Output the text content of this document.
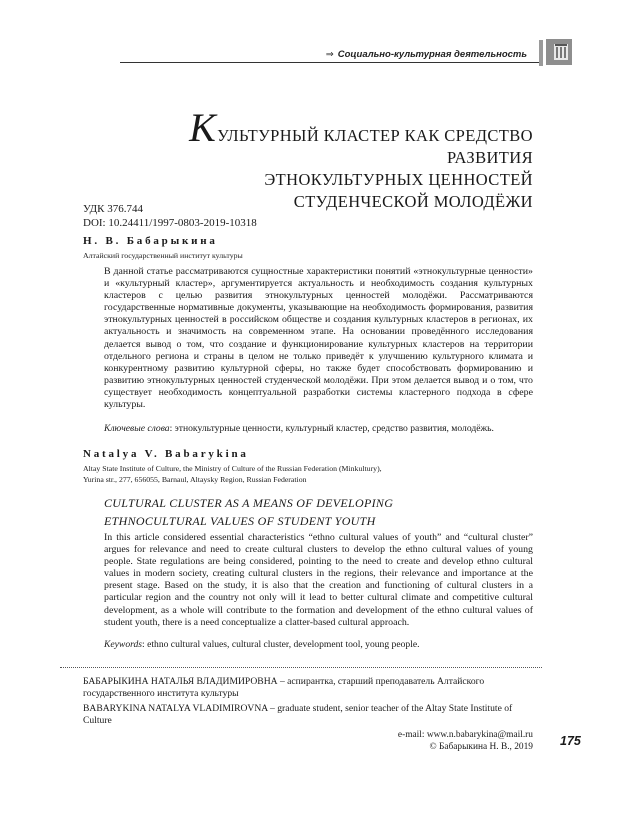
⇒ Социально-культурная деятельность
КУЛЬТУРНЫЙ КЛАСТЕР КАК СРЕДСТВО РАЗВИТИЯ
ЭТНОКУЛЬТУРНЫХ ЦЕННОСТЕЙ
СТУДЕНЧЕСКОЙ МОЛОДЁЖИ
УДК 376.744
DOI: 10.24411/1997-0803-2019-10318
Н. В. Бабарыкина
Алтайский государственный институт культуры
В данной статье рассматриваются сущностные характеристики понятий «этнокультурные ценности» и «культурный кластер», аргументируется актуальность и необходимость создания культурных кластеров с целью развития этнокультурных ценностей молодёжи. Рассматриваются государственные нормативные документы, указывающие на необходимость формирования, развития этнокультурных ценностей в российском обществе и создания культурных кластеров в регионах, их актуальность и значимость на современном этапе. На основании проведённого исследования делается вывод о том, что создание и функционирование культурных кластеров на территории отдельного региона и страны в целом не только приведёт к улучшению культурного климата и конкурентному развитию культурной сферы, но также будет способствовать формированию и развитию этнокультурных ценностей студенческой молодёжи. При этом делается вывод и о том, что существует необходимость концептуальной разработки системы кластерного подхода в сфере культуры.
Ключевые слова: этнокультурные ценности, культурный кластер, средство развития, молодёжь.
Natalya V. Babarykina
Altay State Institute of Culture, the Ministry of Culture of the Russian Federation (Minkultury),
Yurina str., 277, 656055, Barnaul, Altaysky Region, Russian Federation
CULTURAL CLUSTER AS A MEANS OF DEVELOPING
ETHNOCULTURAL VALUES OF STUDENT YOUTH
In this article considered essential characteristics “ethno cultural values of youth” and “cultural cluster” argues for relevance and need to create cultural clusters to develop the ethno cultural values of young people. State regulations are being considered, pointing to the need to create and develop ethno cultural values in modern society, creating cultural clusters in the regions, their relevance and importance at the present stage. Based on the study, it is also that the creation and functioning of cultural clusters in a particular region and the country not only will it lead to better cultural climate and competitive cultural development, as a whole will contribute to the formation and development of the ethno cultural values of student youth, there is a need conceptualize a clatter-based cultural approach.
Keywords: ethno cultural values, cultural cluster, development tool, young people.
БАБАРЫКИНА НАТАЛЬЯ ВЛАДИМИРОВНА – аспирантка, старший преподаватель Алтайского государственного института культуры
BABARYKINA NATALYA VLADIMIROVNA – graduate student, senior teacher of the Altay State Institute of Culture
e-mail: www.n.babarykina@mail.ru
© Бабарыкина Н. В., 2019 175
